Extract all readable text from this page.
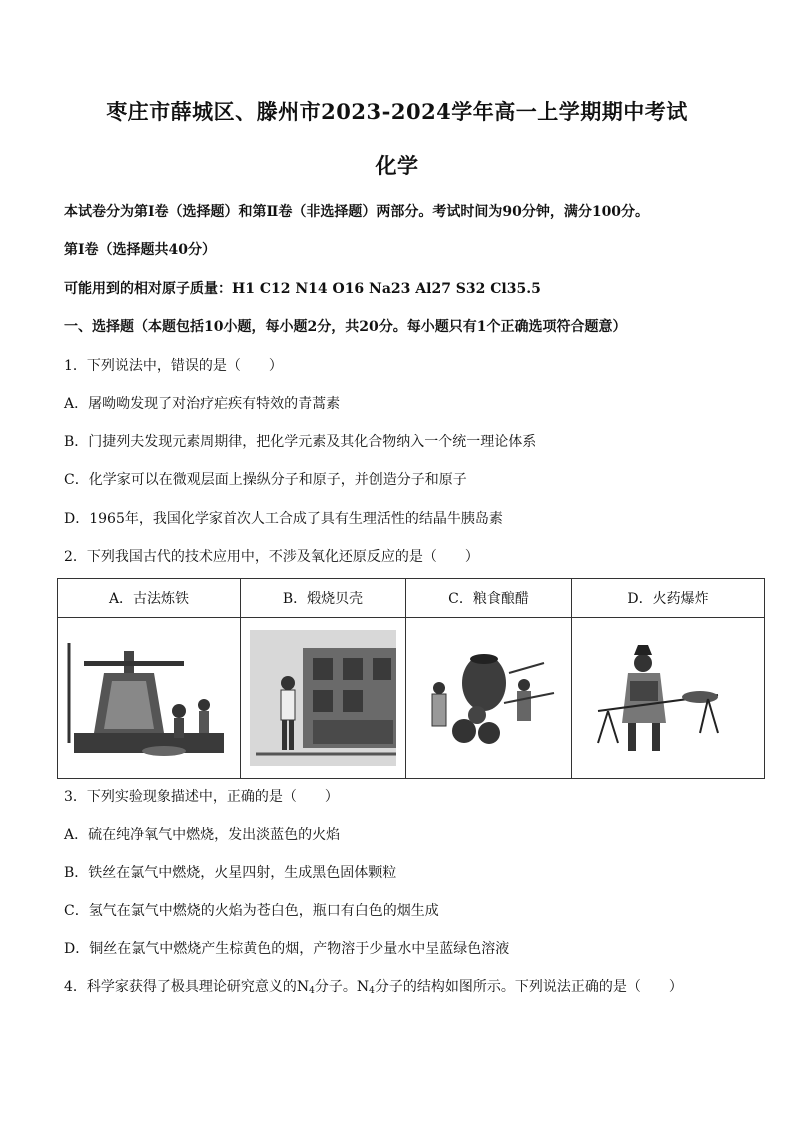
枣庄市薛城区、滕州市2023-2024学年高一上学期期中考试
化学
本试卷分为第Ⅰ卷（选择题）和第Ⅱ卷（非选择题）两部分。考试时间为90分钟，满分100分。
第Ⅰ卷（选择题共40分）
可能用到的相对原子质量：H1 C12 N14 O16 Na23 Al27 S32 Cl35.5
一、选择题（本题包括10小题，每小题2分，共20分。每小题只有1个正确选项符合题意）
1．下列说法中，错误的是（　　）
A．屠呦呦发现了对治疗疟疾有特效的青蒿素
B．门捷列夫发现元素周期律，把化学元素及其化合物纳入一个统一理论体系
C．化学家可以在微观层面上操纵分子和原子，并创造分子和原子
D．1965年，我国化学家首次人工合成了具有生理活性的结晶牛胰岛素
2．下列我国古代的技术应用中，不涉及氧化还原反应的是（　　）
A．古法炼铁	B．煅烧贝壳	C．粮食酿醋	D．火药爆炸

3．下列实验现象描述中，正确的是（　　）
A．硫在纯净氧气中燃烧，发出淡蓝色的火焰
B．铁丝在氯气中燃烧，火星四射，生成黑色固体颗粒
C．氢气在氯气中燃烧的火焰为苍白色，瓶口有白色的烟生成
D．铜丝在氯气中燃烧产生棕黄色的烟，产物溶于少量水中呈蓝绿色溶液
4．科学家获得了极具理论研究意义的$N_4$分子。$N_4$分子的结构如图所示。下列说法正确的是（　　）
